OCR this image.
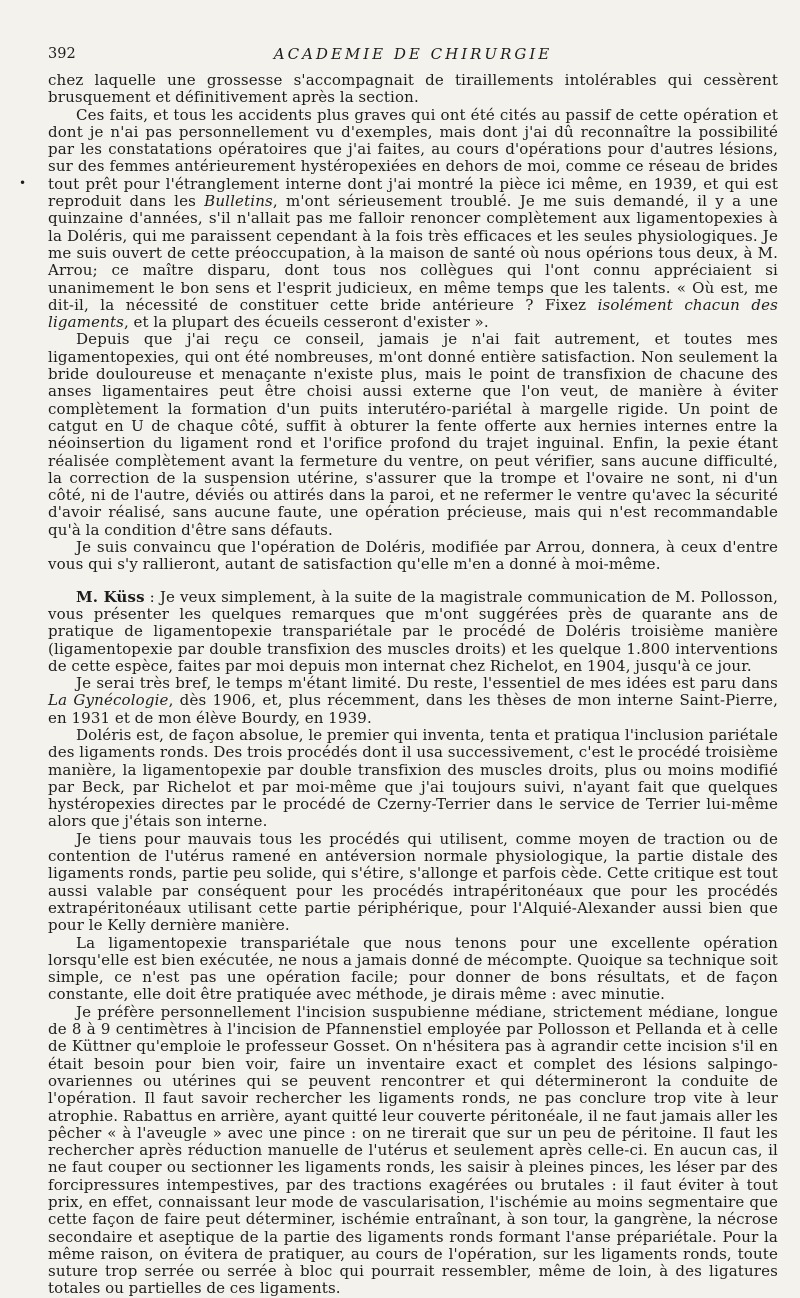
392	ACADEMIE DE CHIRURGIE

chez laquelle une grossesse s'accompagnait de tiraillements intolérables qui cessèrent brusquement et définitivement après la section.

Ces faits, et tous les accidents plus graves qui ont été cités au passif de cette opération et dont je n'ai pas personnellement vu d'exemples, mais dont j'ai dû reconnaître la possibilité par les constatations opératoires que j'ai faites, au cours d'opérations pour d'autres lésions, sur des femmes antérieurement hystéropexiées en dehors de moi, comme ce réseau de brides tout prêt pour l'étranglement interne dont j'ai montré la pièce ici même, en 1939, et qui est reproduit dans les Bulletins, m'ont sérieusement troublé. Je me suis demandé, il y a une quinzaine d'années, s'il n'allait pas me falloir renoncer complètement aux ligamentopexies à la Doléris, qui me paraissent cependant à la fois très efficaces et les seules physiologiques. Je me suis ouvert de cette préoccupation, à la maison de santé où nous opérions tous deux, à M. Arrou; ce maître disparu, dont tous nos collègues qui l'ont connu appréciaient si unanimement le bon sens et l'esprit judicieux, en même temps que les talents. « Où est, me dit-il, la nécessité de constituer cette bride antérieure ? Fixez isolément chacun des ligaments, et la plupart des écueils cesseront d'exister ».

Depuis que j'ai reçu ce conseil, jamais je n'ai fait autrement, et toutes mes ligamentopexies, qui ont été nombreuses, m'ont donné entière satisfaction. Non seulement la bride douloureuse et menaçante n'existe plus, mais le point de transfixion de chacune des anses ligamentaires peut être choisi aussi externe que l'on veut, de manière à éviter complètement la formation d'un puits interutéro-pariétal à margelle rigide. Un point de catgut en U de chaque côté, suffit à obturer la fente offerte aux hernies internes entre la néoinsertion du ligament rond et l'orifice profond du trajet inguinal. Enfin, la pexie étant réalisée complètement avant la fermeture du ventre, on peut vérifier, sans aucune difficulté, la correction de la suspension utérine, s'assurer que la trompe et l'ovaire ne sont, ni d'un côté, ni de l'autre, déviés ou attirés dans la paroi, et ne refermer le ventre qu'avec la sécurité d'avoir réalisé, sans aucune faute, une opération précieuse, mais qui n'est recommandable qu'à la condition d'être sans défauts.

Je suis convaincu que l'opération de Doléris, modifiée par Arrou, donnera, à ceux d'entre vous qui s'y rallieront, autant de satisfaction qu'elle m'en a donné à moi-même.

M. Küss : Je veux simplement, à la suite de la magistrale communication de M. Pollosson, vous présenter les quelques remarques que m'ont suggérées près de quarante ans de pratique de ligamentopexie transpariétale par le procédé de Doléris troisième manière (ligamentopexie par double transfixion des muscles droits) et les quelque 1.800 interventions de cette espèce, faites par moi depuis mon internat chez Richelot, en 1904, jusqu'à ce jour.

Je serai très bref, le temps m'étant limité. Du reste, l'essentiel de mes idées est paru dans La Gynécologie, dès 1906, et, plus récemment, dans les thèses de mon interne Saint-Pierre, en 1931 et de mon élève Bourdy, en 1939.

Doléris est, de façon absolue, le premier qui inventa, tenta et pratiqua l'inclusion pariétale des ligaments ronds. Des trois procédés dont il usa successivement, c'est le procédé troisième manière, la ligamentopexie par double transfixion des muscles droits, plus ou moins modifié par Beck, par Richelot et par moi-même que j'ai toujours suivi, n'ayant fait que quelques hystéropexies directes par le procédé de Czerny-Terrier dans le service de Terrier lui-même alors que j'étais son interne.

Je tiens pour mauvais tous les procédés qui utilisent, comme moyen de traction ou de contention de l'utérus ramené en antéversion normale physiologique, la partie distale des ligaments ronds, partie peu solide, qui s'étire, s'allonge et parfois cède. Cette critique est tout aussi valable par conséquent pour les procédés intrapéritonéaux que pour les procédés extrapéritonéaux utilisant cette partie périphérique, pour l'Alquié-Alexander aussi bien que pour le Kelly dernière manière.

La ligamentopexie transpariétale que nous tenons pour une excellente opération lorsqu'elle est bien exécutée, ne nous a jamais donné de mécompte. Quoique sa technique soit simple, ce n'est pas une opération facile; pour donner de bons résultats, et de façon constante, elle doit être pratiquée avec méthode, je dirais même : avec minutie.

Je préfère personnellement l'incision suspubienne médiane, strictement médiane, longue de 8 à 9 centimètres à l'incision de Pfannenstiel employée par Pollosson et Pellanda et à celle de Küttner qu'emploie le professeur Gosset. On n'hésitera pas à agrandir cette incision s'il en était besoin pour bien voir, faire un inventaire exact et complet des lésions salpingo-ovariennes ou utérines qui se peuvent rencontrer et qui détermineront la conduite de l'opération. Il faut savoir rechercher les ligaments ronds, ne pas conclure trop vite à leur atrophie. Rabattus en arrière, ayant quitté leur couverte péritonéale, il ne faut jamais aller les pêcher « à l'aveugle » avec une pince : on ne tirerait que sur un peu de péritoine. Il faut les rechercher après réduction manuelle de l'utérus et seulement après celle-ci. En aucun cas, il ne faut couper ou sectionner les ligaments ronds, les saisir à pleines pinces, les léser par des forcipressures intempestives, par des tractions exagérées ou brutales : il faut éviter à tout prix, en effet, connaissant leur mode de vascularisation, l'ischémie au moins segmentaire que cette façon de faire peut déterminer, ischémie entraînant, à son tour, la gangrène, la nécrose secondaire et aseptique de la partie des ligaments ronds formant l'anse prépariétale. Pour la même raison, on évitera de pratiquer, au cours de l'opération, sur les ligaments ronds, toute suture trop serrée ou serrée à bloc qui pourrait ressembler, même de loin, à des ligatures totales ou partielles de ces ligaments.

•
